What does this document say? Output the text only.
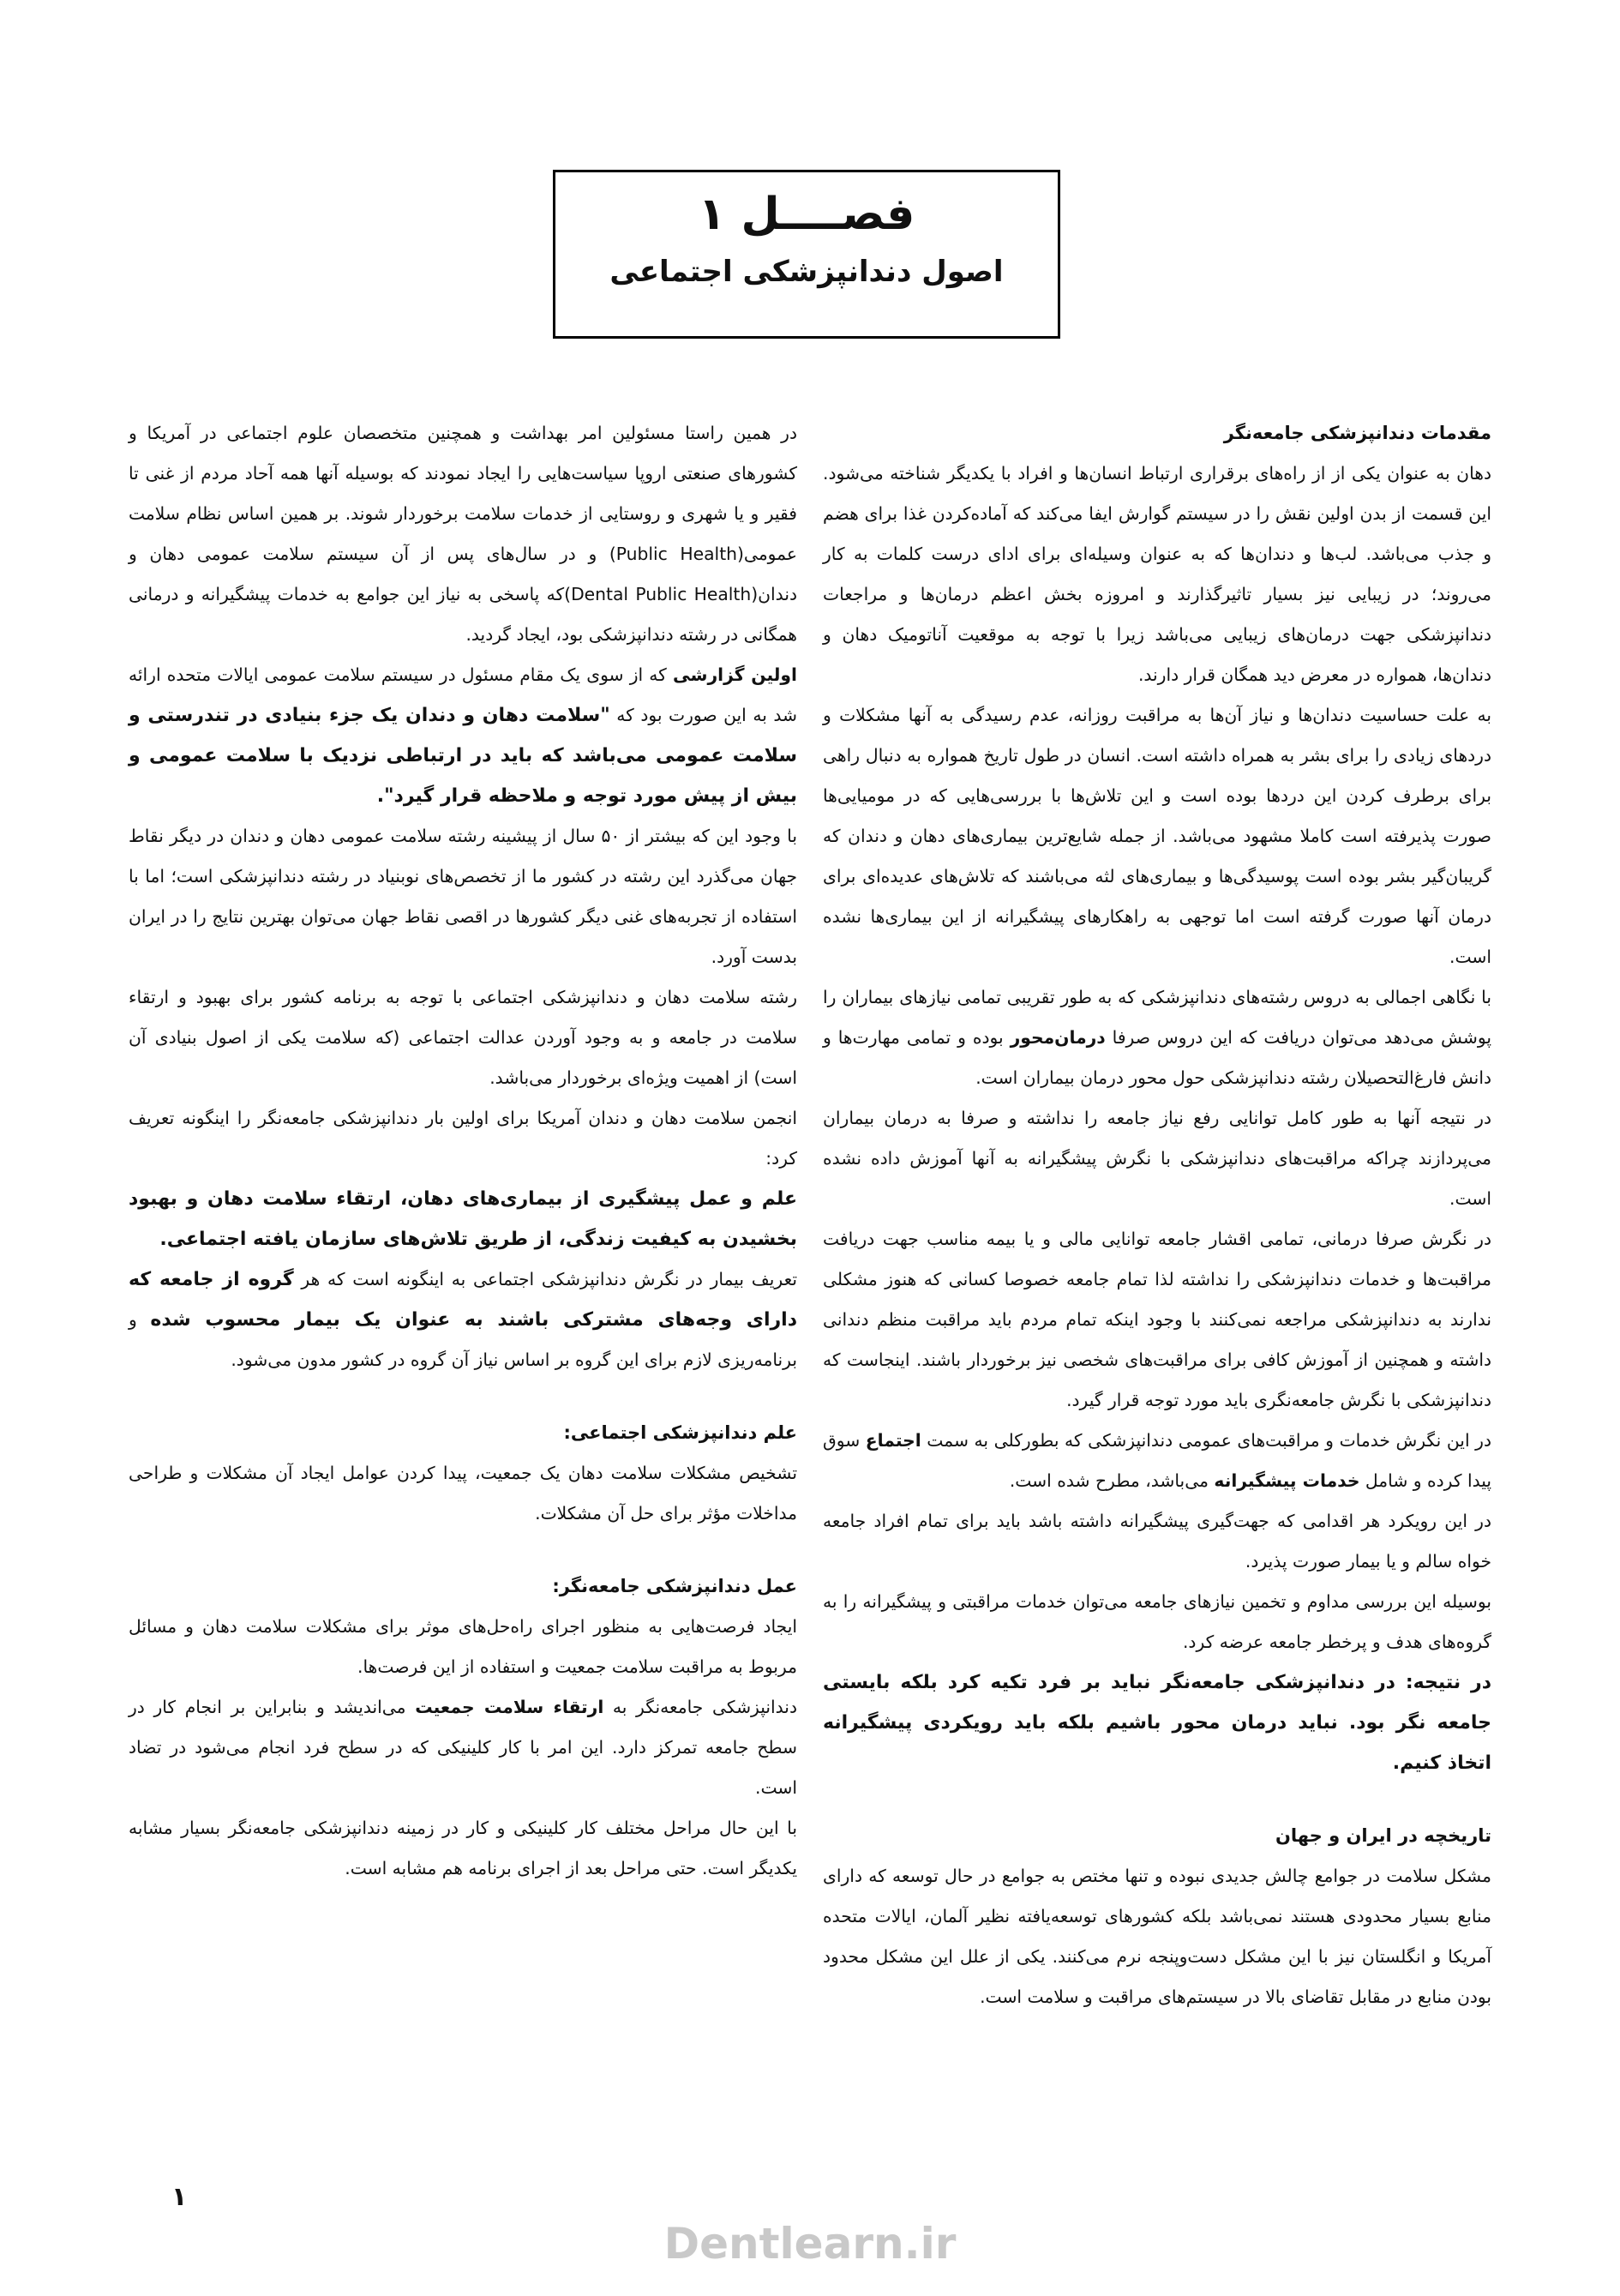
فصــــل ۱
اصول دندانپزشکی اجتماعی
مقدمات دندانپزشکی جامعه‌نگر

دهان به عنوان یکی از از راه‌های برقراری ارتباط انسان‌ها و افراد با یکدیگر شناخته می‌شود. این قسمت از بدن اولین نقش را در سیستم گوارش ایفا می‌کند که آماده‌کردن غذا برای هضم و جذب می‌باشد. لب‌ها و دندان‌ها که به عنوان وسیله‌ای برای ادای درست کلمات به کار می‌روند؛ در زیبایی نیز بسیار تاثیرگذارند و امروزه بخش اعظم درمان‌ها و مراجعات دندانپزشکی جهت درمان‌های زیبایی می‌باشد زیرا با توجه به موقعیت آناتومیک دهان و دندان‌ها، همواره در معرض دید همگان قرار دارند.

به علت حساسیت دندان‌ها و نیاز آن‌ها به مراقبت روزانه، عدم رسیدگی به آنها مشکلات و دردهای زیادی را برای بشر به همراه داشته است. انسان در طول تاریخ همواره به دنبال راهی برای برطرف کردن این دردها بوده است و این تلاش‌ها با بررسی‌هایی که در مومیایی‌ها صورت پذیرفته است کاملا مشهود می‌باشد. از جمله شایع‌ترین بیماری‌های دهان و دندان که گریبان‌گیر بشر بوده است پوسیدگی‌ها و بیماری‌های لثه می‌باشند که تلاش‌های عدیده‌ای برای درمان آنها صورت گرفته است اما توجهی به راهکارهای پیشگیرانه از این بیماری‌ها نشده است.

با نگاهی اجمالی به دروس رشته‌های دندانپزشکی که به طور تقریبی تمامی نیازهای بیماران را پوشش می‌دهد می‌توان دریافت که این دروس صرفا درمان‌محور بوده و تمامی مهارت‌ها و دانش فارغ‌التحصیلان رشته دندانپزشکی حول محور درمان بیماران است.

در نتیجه آنها به طور کامل توانایی رفع نیاز جامعه را نداشته و صرفا به درمان بیماران می‌پردازند چراکه مراقبت‌های دندانپزشکی با نگرش پیشگیرانه به آنها آموزش داده نشده است.

در نگرش صرفا درمانی، تمامی اقشار جامعه توانایی مالی و یا بیمه مناسب جهت دریافت مراقبت‌ها و خدمات دندانپزشکی را نداشته لذا تمام جامعه خصوصا کسانی که هنوز مشکلی ندارند به دندانپزشکی مراجعه نمی‌کنند با وجود اینکه تمام مردم باید مراقبت منظم دندانی داشته و همچنین از آموزش کافی برای مراقبت‌های شخصی نیز برخوردار باشند. اینجاست که دندانپزشکی با نگرش جامعه‌نگری باید مورد توجه قرار گیرد.

در این نگرش خدمات و مراقبت‌های عمومی دندانپزشکی که بطورکلی به سمت اجتماع سوق پیدا کرده و شامل خدمات پیشگیرانه می‌باشد، مطرح شده است.

در این رویکرد هر اقدامی که جهت‌گیری پیشگیرانه داشته باشد باید برای تمام افراد جامعه خواه سالم و یا بیمار صورت پذیرد.

بوسیله این بررسی مداوم و تخمین نیازهای جامعه می‌توان خدمات مراقبتی و پیشگیرانه را به گروه‌های هدف و پرخطر جامعه عرضه کرد.

در نتیجه: در دندانپزشکی جامعه‌نگر نباید بر فرد تکیه کرد بلکه بایستی جامعه نگر بود. نباید درمان محور باشیم بلکه باید رویکردی پیشگیرانه اتخاذ کنیم.

تاریخچه در ایران و جهان

مشکل سلامت در جوامع چالش جدیدی نبوده و تنها مختص به جوامع در حال توسعه که دارای منابع بسیار محدودی هستند نمی‌باشد بلکه کشورهای توسعه‌یافته نظیر آلمان، ایالات متحده آمریکا و انگلستان نیز با این مشکل دست‌وپنجه نرم می‌کنند. یکی از علل این مشکل محدود بودن منابع در مقابل تقاضای بالا در سیستم‌های مراقبت و سلامت است.

در همین راستا مسئولین امر بهداشت و همچنین متخصصان علوم اجتماعی در آمریکا و کشورهای صنعتی اروپا سیاست‌هایی را ایجاد نمودند که بوسیله آنها همه آحاد مردم از غنی تا فقیر و یا شهری و روستایی از خدمات سلامت برخوردار شوند. بر همین اساس نظام سلامت عمومی(Public Health) و در سال‌های پس از آن سیستم سلامت عمومی دهان و دندان(Dental Public Health)که پاسخی به نیاز این جوامع به خدمات پیشگیرانه و درمانی همگانی در رشته دندانپزشکی بود، ایجاد گردید.

اولین گزارشی که از سوی یک مقام مسئول در سیستم سلامت عمومی ایالات متحده ارائه شد به این صورت بود که "سلامت دهان و دندان یک جزء بنیادی در تندرستی و سلامت عمومی می‌باشد که باید در ارتباطی نزدیک با سلامت عمومی و بیش از پیش مورد توجه و ملاحظه قرار گیرد".

با وجود این که بیشتر از ۵۰ سال از پیشینه رشته سلامت عمومی دهان و دندان در دیگر نقاط جهان می‌گذرد این رشته در کشور ما از تخصص‌های نوبنیاد در رشته دندانپزشکی است؛ اما با استفاده از تجربه‌های غنی دیگر کشورها در اقصی نقاط جهان می‌توان بهترین نتایج را در ایران بدست آورد.

رشته سلامت دهان و دندانپزشکی اجتماعی با توجه به برنامه کشور برای بهبود و ارتقاء سلامت در جامعه و به وجود آوردن عدالت اجتماعی (که سلامت یکی از اصول بنیادی آن است) از اهمیت ویژه‌ای برخوردار می‌باشد.

انجمن سلامت دهان و دندان آمریکا برای اولین بار دندانپزشکی جامعه‌نگر را اینگونه تعریف کرد:

علم و عمل پیشگیری از بیماری‌های دهان، ارتقاء سلامت دهان و بهبود بخشیدن به کیفیت زندگی، از طریق تلاش‌های سازمان یافته اجتماعی.

تعریف بیمار در نگرش دندانپزشکی اجتماعی به اینگونه است که هر گروه از جامعه که دارای وجه‌های مشترکی باشند به عنوان یک بیمار محسوب شده و برنامه‌ریزی لازم برای این گروه بر اساس نیاز آن گروه در کشور مدون می‌شود.

علم دندانپزشکی اجتماعی:

تشخیص مشکلات سلامت دهان یک جمعیت، پیدا کردن عوامل ایجاد آن مشکلات و طراحی مداخلات مؤثر برای حل آن مشکلات.

عمل دندانپزشکی جامعه‌نگر:

ایجاد فرصت‌هایی به منظور اجرای راه‌حل‌های موثر برای مشکلات سلامت دهان و مسائل مربوط به مراقبت سلامت جمعیت و استفاده از این فرصت‌ها.

دندانپزشکی جامعه‌نگر به ارتقاء سلامت جمعیت می‌اندیشد و بنابراین بر انجام کار در سطح جامعه تمرکز دارد. این امر با کار کلینیکی که در سطح فرد انجام می‌شود در تضاد است.

با این حال مراحل مختلف کار کلینیکی و کار در زمینه دندانپزشکی جامعه‌نگر بسیار مشابه یکدیگر است. حتی مراحل بعد از اجرای برنامه هم مشابه است.

۱
Dentlearn.ir
